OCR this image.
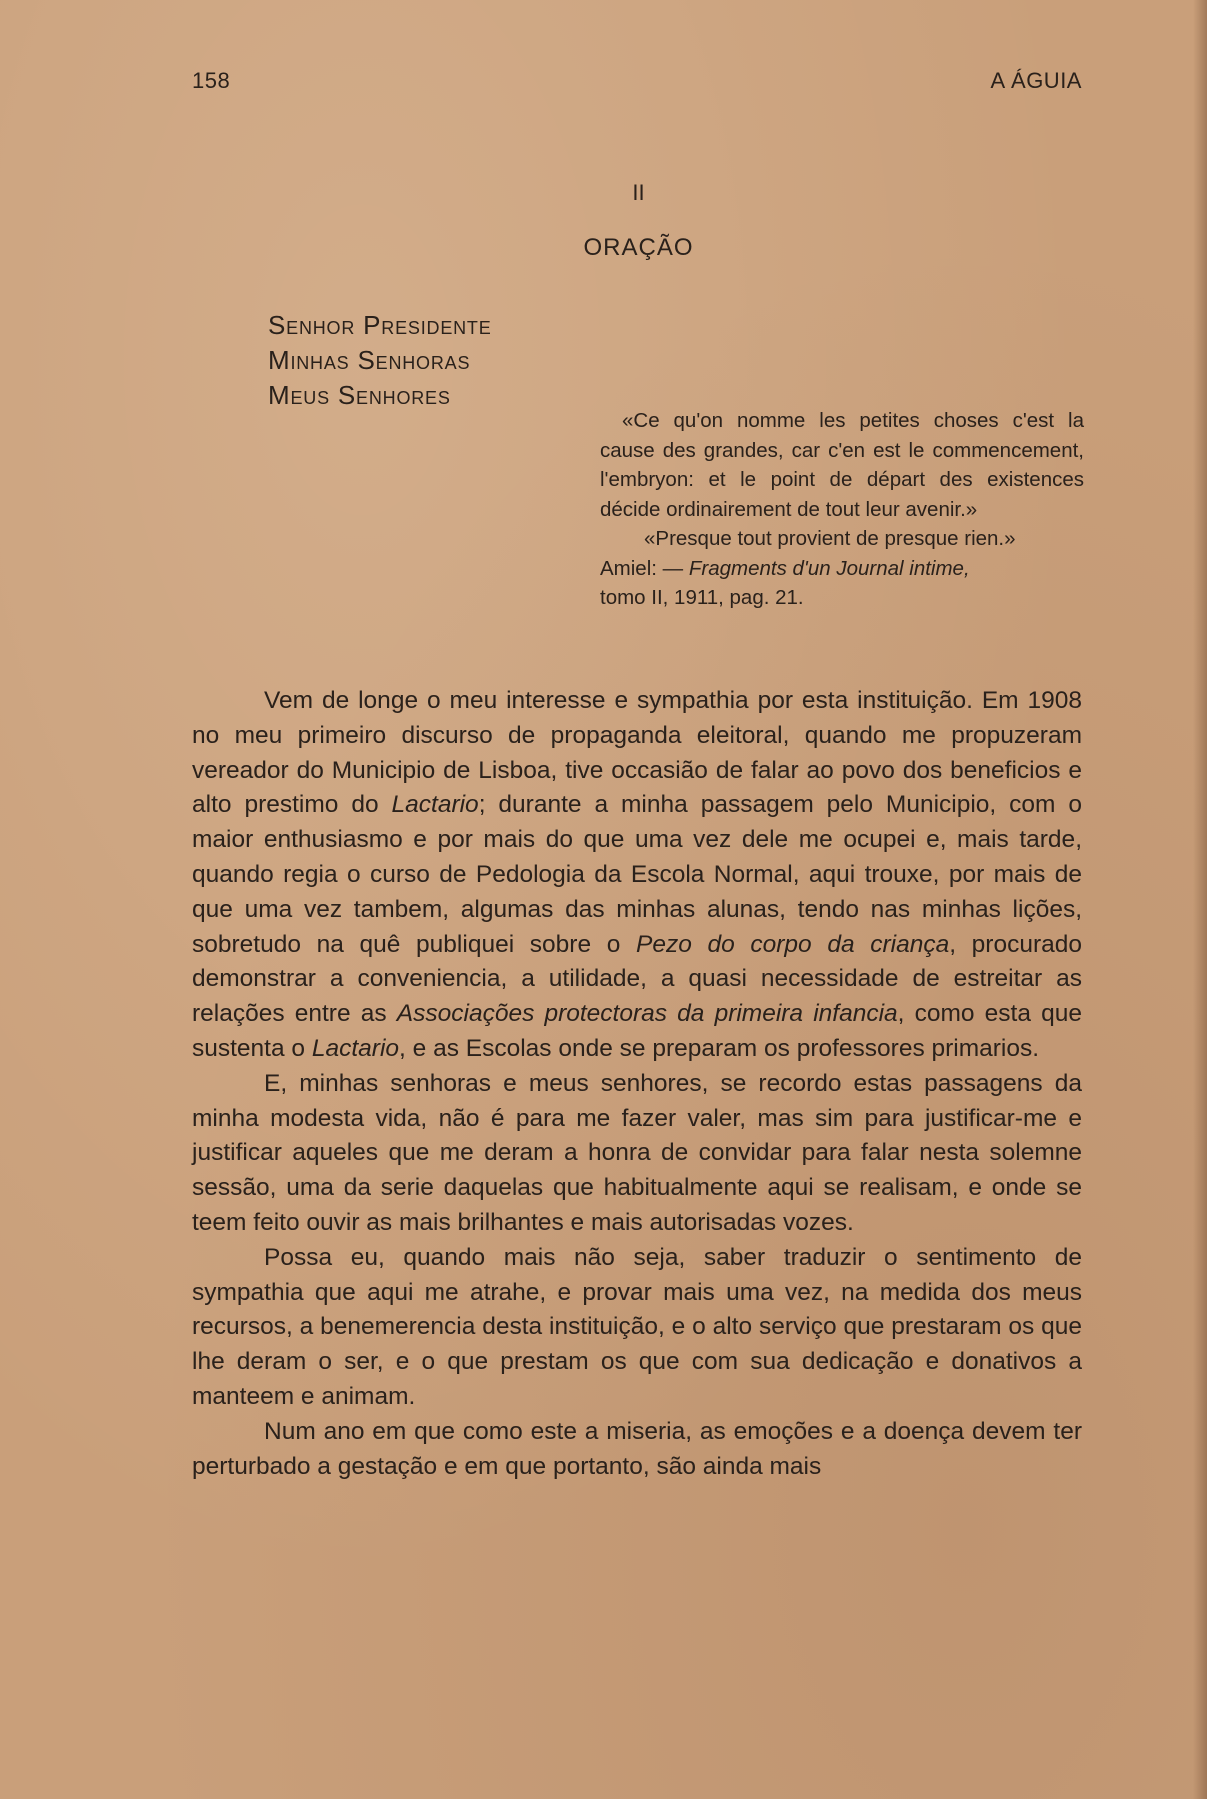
158	A ÁGUIA
II
ORAÇÃO
Senhor Presidente
Minhas Senhoras
Meus Senhores

«Ce qu'on nomme les petites choses c'est la cause des grandes, car c'en est le commencement, l'embryon: et le point de départ des existences décide ordinairement de tout leur avenir.»

«Presque tout provient de presque rien.»

Amiel: — Fragments d'un Journal intime,

tomo II, 1911, pag. 21.

Vem de longe o meu interesse e sympathia por esta instituição. Em 1908 no meu primeiro discurso de propaganda eleitoral, quando me propuzeram vereador do Municipio de Lisboa, tive occasião de falar ao povo dos beneficios e alto prestimo do Lactario; durante a minha passagem pelo Municipio, com o maior enthusiasmo e por mais do que uma vez dele me ocupei e, mais tarde, quando regia o curso de Pedologia da Escola Normal, aqui trouxe, por mais de que uma vez tambem, algumas das minhas alunas, tendo nas minhas lições, sobretudo na quê publiquei sobre o Pezo do corpo da criança, procurado demonstrar a conveniencia, a utilidade, a quasi necessidade de estreitar as relações entre as Associações protectoras da primeira infancia, como esta que sustenta o Lactario, e as Escolas onde se preparam os professores primarios.

E, minhas senhoras e meus senhores, se recordo estas passagens da minha modesta vida, não é para me fazer valer, mas sim para justificar-me e justificar aqueles que me deram a honra de convidar para falar nesta solemne sessão, uma da serie daquelas que habitualmente aqui se realisam, e onde se teem feito ouvir as mais brilhantes e mais autorisadas vozes.

Possa eu, quando mais não seja, saber traduzir o sentimento de sympathia que aqui me atrahe, e provar mais uma vez, na medida dos meus recursos, a benemerencia desta instituição, e o alto serviço que prestaram os que lhe deram o ser, e o que prestam os que com sua dedicação e donativos a manteem e animam.

Num ano em que como este a miseria, as emoções e a doença devem ter perturbado a gestação e em que portanto, são ainda mais
